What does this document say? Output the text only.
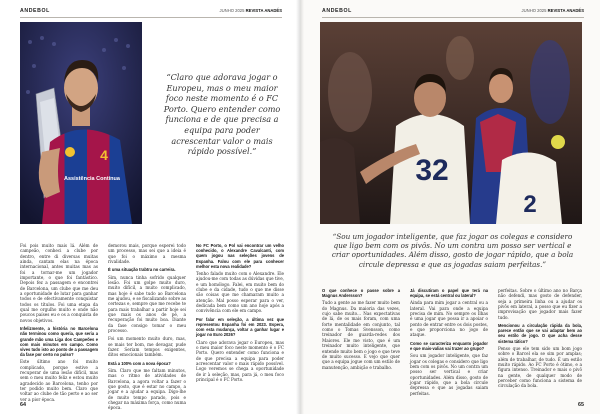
ANDEBOL	JUNHO 2025 REVISTA ANADÉS
4
Assistência Contínua
“Claro que adorava jogar o Europeu, mas o meu maior foco neste momento é o FC Porto. Quero entender como funciona e de que precisa a equipa para poder acrescentar valor o mais rápido possível.”

Foi pois muito mais lá. Além de campeão, conheci a clube por dentro, entre di diversas muitas ainda, cantam elas na época internacional, antes muitas mas as foi a tornar-me um jogador importante, o que foi fantástico. Depois fez a passagem e encontrei de Barcelona, um clube que me deu a oportunidade de lutar para ganhar todos e de efectivamente conquistar todos os títulos. Foi uma etapa da qual me orgulho muito e onde não poucos países eu e os a conquista de novos objetivos.

Infelizmente, a história no Barcelona não terminou como queria, que seria a grande mão uma Liga dos Campeões e com mais minutos em campo. Como vives tudo isto ao ponto de a passagem da fase por certo no pulso?

Este último ano foi muito complicado, porque estive a recuperar de uma lesão difícil, mas sem o meu muito feliz e estou muito agradecido ao Barcelona, tenho por ter podido muito bem. Claro que voltar ao clube de tão perto e ao ser ver a pior época.

demorou mais, porque esperei todo um processo, mas sei que a ideia é que foi o máximo a mesma rivalidade.

É uma situação trabtra no carreira.

Sim, nunca tinha sofrido qualquer lesão. Foi um golpe muito duro, muito difícil, a muito complicado, mas hoje é sabe tudo ao Barcelona me ajudou, e se fiscalizando sobre as certezas e, sempre que me recebe te para mais trabalhar a partir hoje sei que mais os anos de pé, a recuperação foi muito boa. Diante da fase consigo tomar o meu processo.

Foi um momento muito duro, mas, se mais ter bom, me devagar, pude fazer. Seriam tempos exigentes, ditos emocionais também.

Está a 100% com a nova época?

Sim. Claro que me faltam minutos, mas o ritmo de atividades de Barcelona, a agora voltar a fazer o que gosto, que é estar no campo, a jogar e a ajudar a equipa. Digo-lhe de muito tempo parado, pois e chegar na máxima força, como numa época.

No FC Porto, o Pol vai encontrar um velho conhecido, o Alexandre Cavalcanti, com quem jogou nas seleções jovens de Espanha. Falou com ele para conhecer melhor esta nova realidade?

Tenho falado muito com o Alexandre. Ele ajudou-me com todas as dúvidas que tive, e um homólogo. Falei, em muito bem do clube e da cidade, tudo o que me disse são coisas que me chamaram muito a atenção. Mal posso esperar para o ver, dedicada bem como um ano hoje após a convivência com ele em campo.

Por falar em seleção, a última vez que representou Espanha foi em 2023. Espera, com esta mudança, voltar a ganhar lugar e jogar no Euro 2026?

Claro que adorava jogar o Europeu, mas o meu maior foco neste momento é o FC Porto. Quero entender como funciona e de que precisa a equipa para poder acrescentar valor o mais rápido possível. Logo veremos se chega a oportunidade de ir à seleção, mas, para já, o meu foco principal é o FC Porto.

64
ANDEBOL	JUNHO 2025 REVISTA ANADÉS
32
2
“Sou um jogador inteligente, que faz jogar os colegas e considero que ligo bem com os pivôs. No um contra um posso ser vertical e criar oportunidades. Além disso, gosto de jogar rápido, que a bola circule depressa e que as jogadas saiam perfeitas.”

O que conhece o passe sobre a Magnus Andersson?

Tudo a gente ao me fazer muito bem do Magnus. Da maioria das vezes, cujo sabe muito... Nas expectativas de lá, de os mais foram, com uma forte mentalidade em conjunto, tal como o Tomas Svensson, como treinador de guarda-redes dos Maiores. Ele me visto, que é um treinador muito inteligente, que entende muito bem o jogo e que teve de muito sucesso. E vejo que quer que a equipa jogue com um estilo de manutenção, ambição e trabalho.

Já discutiram o papel que terá na equipa, se está central ou lateral?

Ainda para mim jogar a central ou a lateral. Vai para onde a equipa precisa de mim. No sempre os Ilhas é uma jogar que possa ir a apoiar o ponto de entrar entre os dois postes, e que proporciona no jogo de ataque.

Como se caracteriza enquanto jogador e que mais-valias vai trazer ao grupo?

Sou um jogador inteligente, que faz jogar os colegas e considero que ligo bem com os pivôs. No um contra um posso ser vertical e criar oportunidades. Além disso, gosto de jogar rápido, que a bola circule depressa e que as jogadas saiam perfeitas.

perfeitas. Sobre o último ano no Barça não defendi, mas gosto de defender, seja a primeira linha ou a ajudar os pivôs em lateral, a posso que eu fizer a improvisação que jogador mais fazer tudo.

Mencionou a circulação rápida da bola, parece então que se vai adaptar bem ao seu estilo de jogo. O que acha desse sistema tático?

Penso que ele tem sido um bom jogo sobre o Barcel ela se sim por amplas; além de trabalhar, de tudo. É um estilo muito rápido. Ao FC Porto é ótimo, e a figura intenso. Treinador e mais o pivô na gente, de qualquer modo de perceber como funciona a sistema de circulação da bola.

65
